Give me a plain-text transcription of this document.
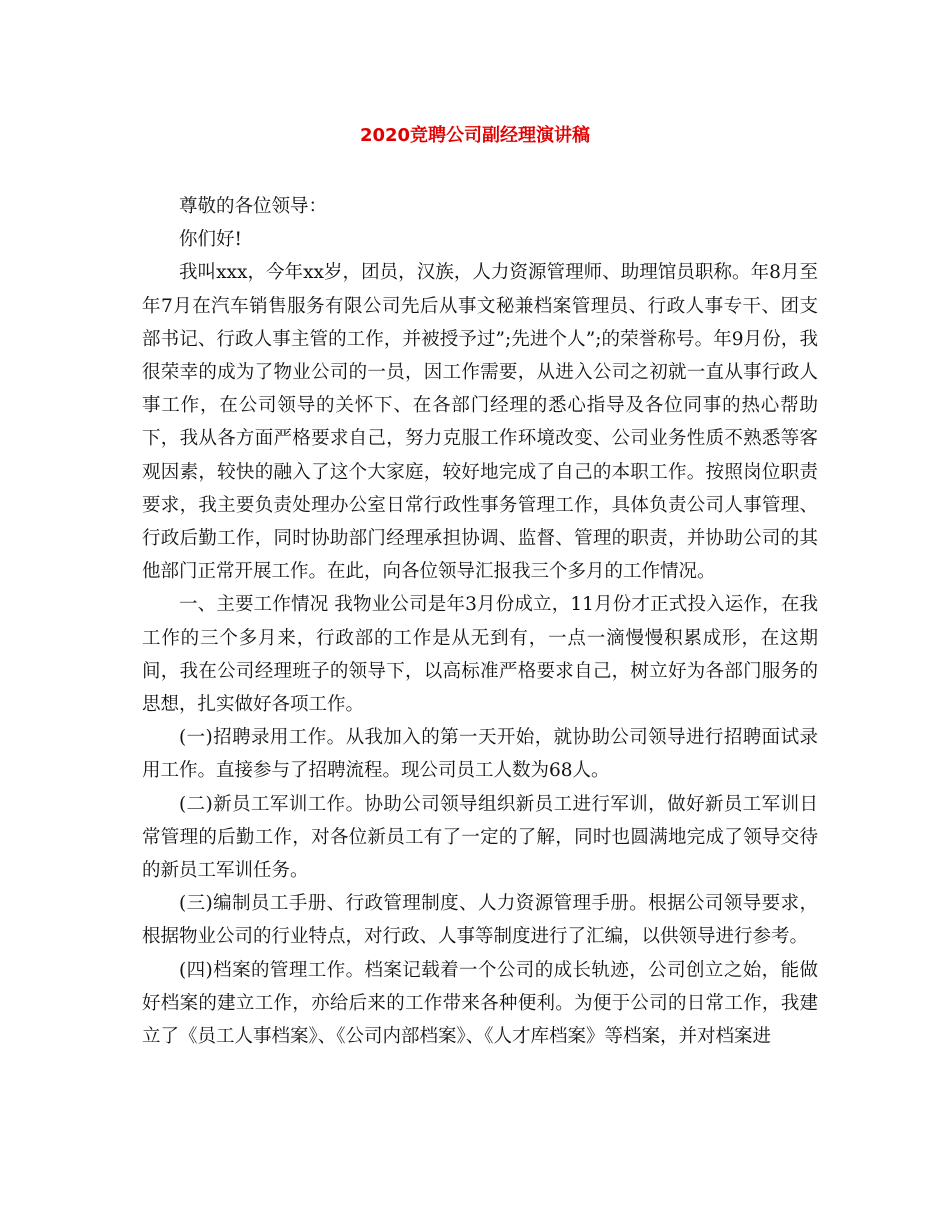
2020竞聘公司副经理演讲稿

尊敬的各位领导：

你们好!

我叫xxx，今年xx岁，团员，汉族，人力资源管理师、助理馆员职称。年8月至年7月在汽车销售服务有限公司先后从事文秘兼档案管理员、行政人事专干、团支部书记、行政人事主管的工作，并被授予过”;先进个人”;的荣誉称号。年9月份，我很荣幸的成为了物业公司的一员，因工作需要，从进入公司之初就一直从事行政人事工作，在公司领导的关怀下、在各部门经理的悉心指导及各位同事的热心帮助下，我从各方面严格要求自己，努力克服工作环境改变、公司业务性质不熟悉等客观因素，较快的融入了这个大家庭，较好地完成了自己的本职工作。按照岗位职责要求，我主要负责处理办公室日常行政性事务管理工作，具体负责公司人事管理、行政后勤工作，同时协助部门经理承担协调、监督、管理的职责，并协助公司的其他部门正常开展工作。在此，向各位领导汇报我三个多月的工作情况。

一、主要工作情况 我物业公司是年3月份成立，11月份才正式投入运作，在我工作的三个多月来，行政部的工作是从无到有，一点一滴慢慢积累成形，在这期间，我在公司经理班子的领导下，以高标准严格要求自己，树立好为各部门服务的思想，扎实做好各项工作。

(一)招聘录用工作。从我加入的第一天开始，就协助公司领导进行招聘面试录用工作。直接参与了招聘流程。现公司员工人数为68人。

(二)新员工军训工作。协助公司领导组织新员工进行军训，做好新员工军训日常管理的后勤工作，对各位新员工有了一定的了解，同时也圆满地完成了领导交待的新员工军训任务。

(三)编制员工手册、行政管理制度、人力资源管理手册。根据公司领导要求，根据物业公司的行业特点，对行政、人事等制度进行了汇编，以供领导进行参考。

(四)档案的管理工作。档案记载着一个公司的成长轨迹，公司创立之始，能做好档案的建立工作，亦给后来的工作带来各种便利。为便于公司的日常工作，我建立了《员工人事档案》、《公司内部档案》、《人才库档案》等档案，并对档案进
